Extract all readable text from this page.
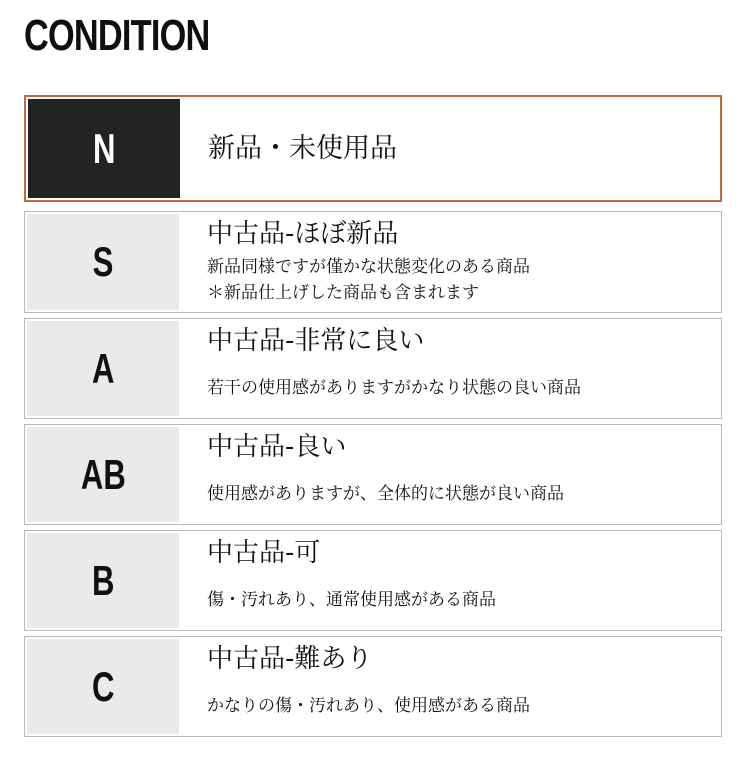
CONDITION
N	新品・未使用品
S
中古品-ほぼ新品
新品同様ですが僅かな状態変化のある商品
＊新品仕上げした商品も含まれます
A
中古品-非常に良い
若干の使用感がありますがかなり状態の良い商品
AB
中古品-良い
使用感がありますが、全体的に状態が良い商品
B
中古品-可
傷・汚れあり、通常使用感がある商品
C
中古品-難あり
かなりの傷・汚れあり、使用感がある商品
